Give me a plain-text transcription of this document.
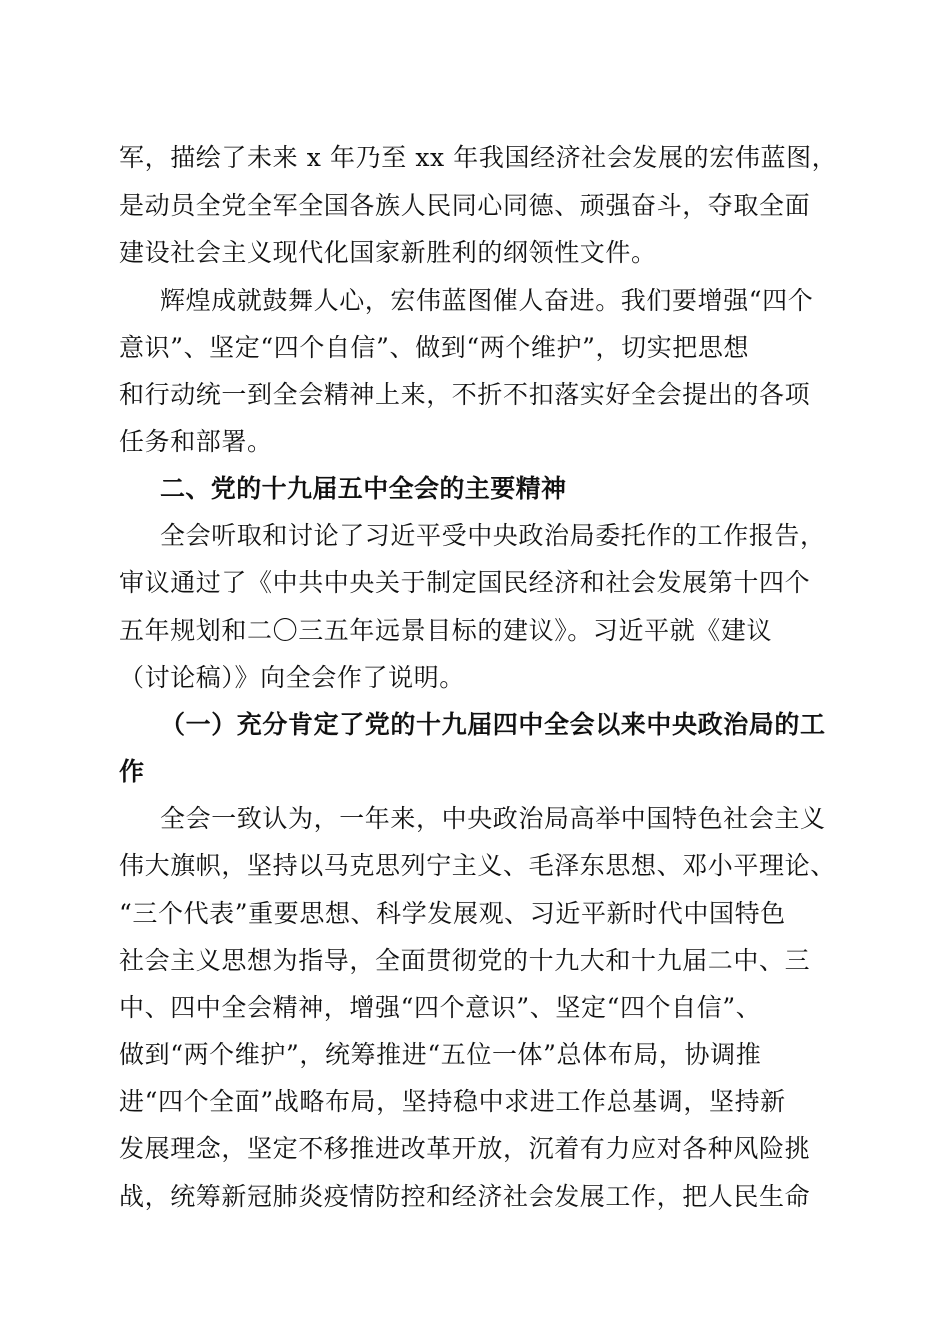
军，描绘了未来 x 年乃至 xx 年我国经济社会发展的宏伟蓝图，
是动员全党全军全国各族人民同心同德、顽强奋斗，夺取全面
建设社会主义现代化国家新胜利的纲领性文件。
辉煌成就鼓舞人心，宏伟蓝图催人奋进。我们要增强“四个
意识”、坚定“四个自信”、做到“两个维护”，切实把思想
和行动统一到全会精神上来，不折不扣落实好全会提出的各项
任务和部署。
二、党的十九届五中全会的主要精神
全会听取和讨论了习近平受中央政治局委托作的工作报告，
审议通过了《中共中央关于制定国民经济和社会发展第十四个
五年规划和二〇三五年远景目标的建议》。习近平就《建议
（讨论稿）》向全会作了说明。
（一）充分肯定了党的十九届四中全会以来中央政治局的工
作
全会一致认为，一年来，中央政治局高举中国特色社会主义
伟大旗帜，坚持以马克思列宁主义、毛泽东思想、邓小平理论、
“三个代表”重要思想、科学发展观、习近平新时代中国特色
社会主义思想为指导，全面贯彻党的十九大和十九届二中、三
中、四中全会精神，增强“四个意识”、坚定“四个自信”、
做到“两个维护”，统筹推进“五位一体”总体布局，协调推
进“四个全面”战略布局，坚持稳中求进工作总基调，坚持新
发展理念，坚定不移推进改革开放，沉着有力应对各种风险挑
战，统筹新冠肺炎疫情防控和经济社会发展工作，把人民生命
